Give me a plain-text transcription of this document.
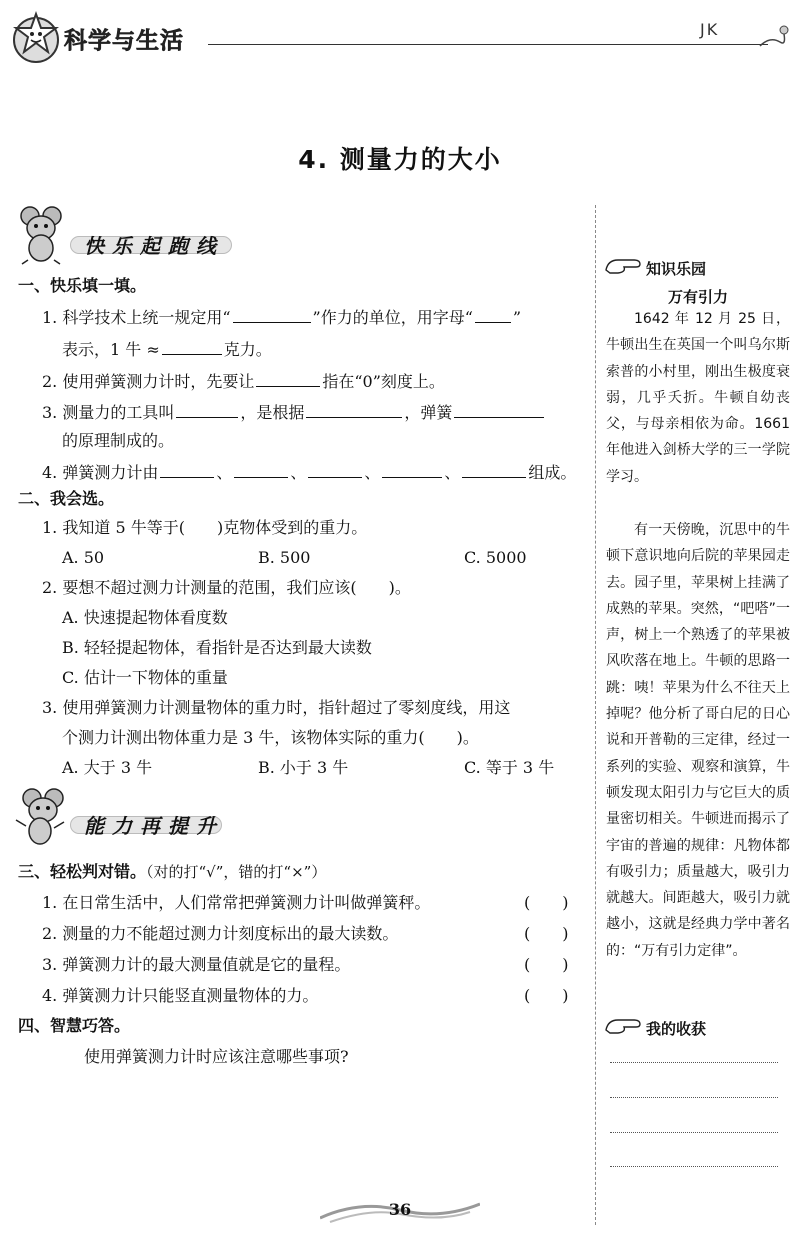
科学与生活	JK
4. 测量力的大小
快乐起跑线
一、快乐填一填。
1. 科学技术上统一规定用“	”作力的单位，用字母“	”
表示，1 牛 ≈	克力。
2. 使用弹簧测力计时，先要让	指在“0”刻度上。
3. 测量力的工具叫	，是根据	，弹簧
的原理制成的。
4. 弹簧测力计由	、	、	、	、	组成。
二、我会选。
1. 我知道 5 牛等于(　　)克物体受到的重力。
A. 50	B. 500	C. 5000
2. 要想不超过测力计测量的范围，我们应该(　　)。
A. 快速提起物体看度数
B. 轻轻提起物体，看指针是否达到最大读数
C. 估计一下物体的重量
3. 使用弹簧测力计测量物体的重力时，指针超过了零刻度线，用这
个测力计测出物体重力是 3 牛，该物体实际的重力(　　)。
A. 大于 3 牛	B. 小于 3 牛	C. 等于 3 牛
能力再提升
三、轻松判对错。（对的打“√”，错的打“×”）
1. 在日常生活中，人们常常把弹簧测力计叫做弹簧秤。	(　　)
2. 测量的力不能超过测力计刻度标出的最大读数。	(　　)
3. 弹簧测力计的最大测量值就是它的量程。	(　　)
4. 弹簧测力计只能竖直测量物体的力。	(　　)
四、智慧巧答。
使用弹簧测力计时应该注意哪些事项?
知识乐园
万有引力
1642 年 12 月 25 日，牛顿出生在英国一个叫乌尔斯索普的小村里，刚出生极度衰弱，几乎夭折。牛顿自幼丧父，与母亲相依为命。1661 年他进入剑桥大学的三一学院学习。
有一天傍晚，沉思中的牛顿下意识地向后院的苹果园走去。园子里，苹果树上挂满了成熟的苹果。突然，“吧嗒”一声，树上一个熟透了的苹果被风吹落在地上。牛顿的思路一跳：咦！苹果为什么不往天上掉呢？他分析了哥白尼的日心说和开普勒的三定律，经过一系列的实验、观察和演算，牛顿发现太阳引力与它巨大的质量密切相关。牛顿进而揭示了宇宙的普遍的规律：凡物体都有吸引力；质量越大，吸引力就越大。间距越大，吸引力就越小，这就是经典力学中著名的：“万有引力定律”。
我的收获
36
